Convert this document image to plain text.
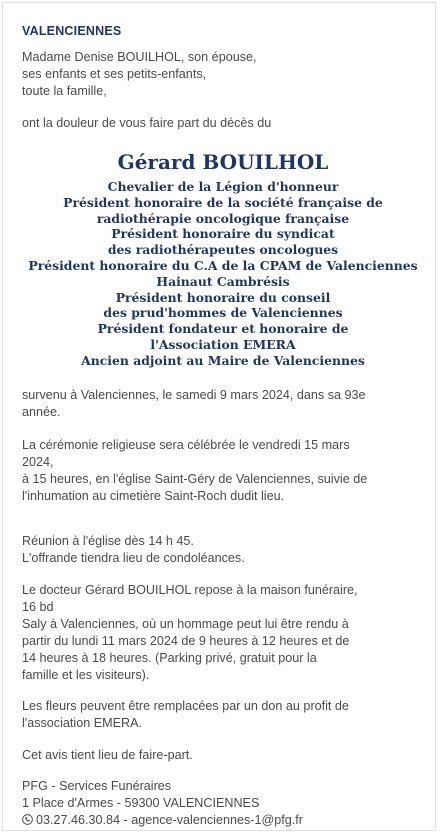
VALENCIENNES
Madame Denise BOUILHOL, son épouse,
ses enfants et ses petits-enfants,
toute la famille,
ont la douleur de vous faire part du décès du
Gérard BOUILHOL
Chevalier de la Légion d'honneur
Président honoraire de la société française de
radiothérapie oncologique française
Président honoraire du syndicat
des radiothérapeutes oncologues
Président honoraire du C.A de la CPAM de Valenciennes
Hainaut Cambrésis
Président honoraire du conseil
des prud'hommes de Valenciennes
Président fondateur et honoraire de
l'Association EMERA
Ancien adjoint au Maire de Valenciennes
survenu à Valenciennes, le samedi 9 mars 2024, dans sa 93e
année.
La cérémonie religieuse sera célébrée le vendredi 15 mars
2024,
à 15 heures, en l'église Saint-Géry de Valenciennes, suivie de
l'inhumation au cimetière Saint-Roch dudit lieu.
Réunion à l'église dès 14 h 45.
L'offrande tiendra lieu de condoléances.
Le docteur Gérard BOUILHOL repose à la maison funéraire,
16 bd
Saly à Valenciennes, où un hommage peut lui être rendu à
partir du lundi 11 mars 2024 de 9 heures à 12 heures et de
14 heures à 18 heures. (Parking privé, gratuit pour la
famille et les visiteurs).
Les fleurs peuvent être remplacées par un don au profit de
l'association EMERA.
Cet avis tient lieu de faire-part.
PFG - Services Funéraires
1 Place d'Armes - 59300 VALENCIENNES
03.27.46.30.84 - agence-valenciennes-1@pfg.fr
